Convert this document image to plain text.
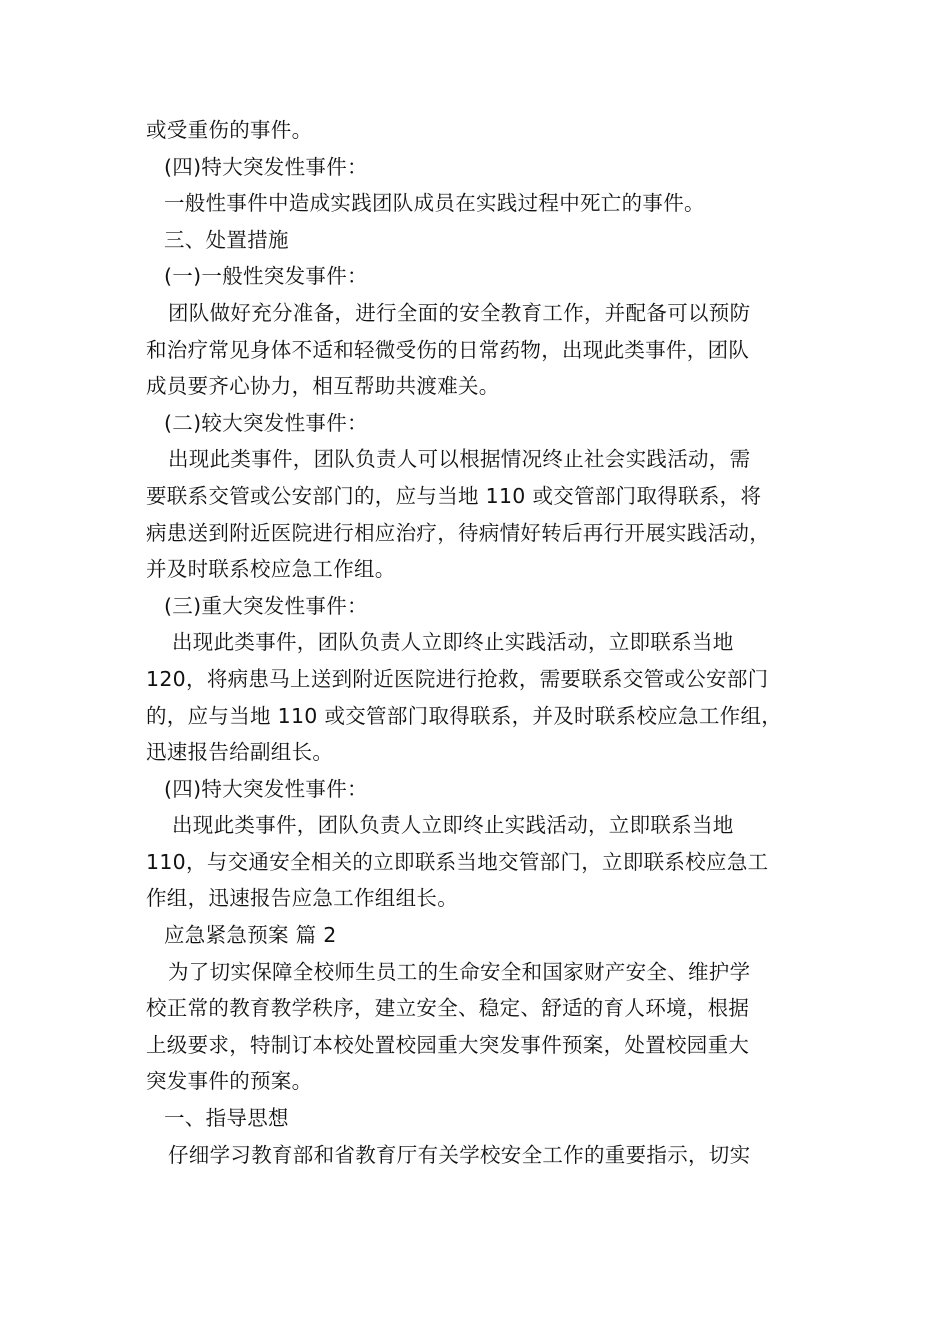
或受重伤的事件。
(四)特大突发性事件：
一般性事件中造成实践团队成员在实践过程中死亡的事件。
三、处置措施
(一)一般性突发事件：
团队做好充分准备，进行全面的安全教育工作，并配备可以预防
和治疗常见身体不适和轻微受伤的日常药物，出现此类事件，团队
成员要齐心协力，相互帮助共渡难关。
(二)较大突发性事件：
出现此类事件，团队负责人可以根据情况终止社会实践活动，需
要联系交管或公安部门的，应与当地 110 或交管部门取得联系，将
病患送到附近医院进行相应治疗，待病情好转后再行开展实践活动，
并及时联系校应急工作组。
(三)重大突发性事件：
出现此类事件，团队负责人立即终止实践活动，立即联系当地
120，将病患马上送到附近医院进行抢救，需要联系交管或公安部门
的，应与当地 110 或交管部门取得联系，并及时联系校应急工作组，
迅速报告给副组长。
(四)特大突发性事件：
出现此类事件，团队负责人立即终止实践活动，立即联系当地
110，与交通安全相关的立即联系当地交管部门，立即联系校应急工
作组，迅速报告应急工作组组长。
应急紧急预案 篇 2
为了切实保障全校师生员工的生命安全和国家财产安全、维护学
校正常的教育教学秩序，建立安全、稳定、舒适的育人环境，根据
上级要求，特制订本校处置校园重大突发事件预案，处置校园重大
突发事件的预案。
一、指导思想
仔细学习教育部和省教育厅有关学校安全工作的重要指示，切实
